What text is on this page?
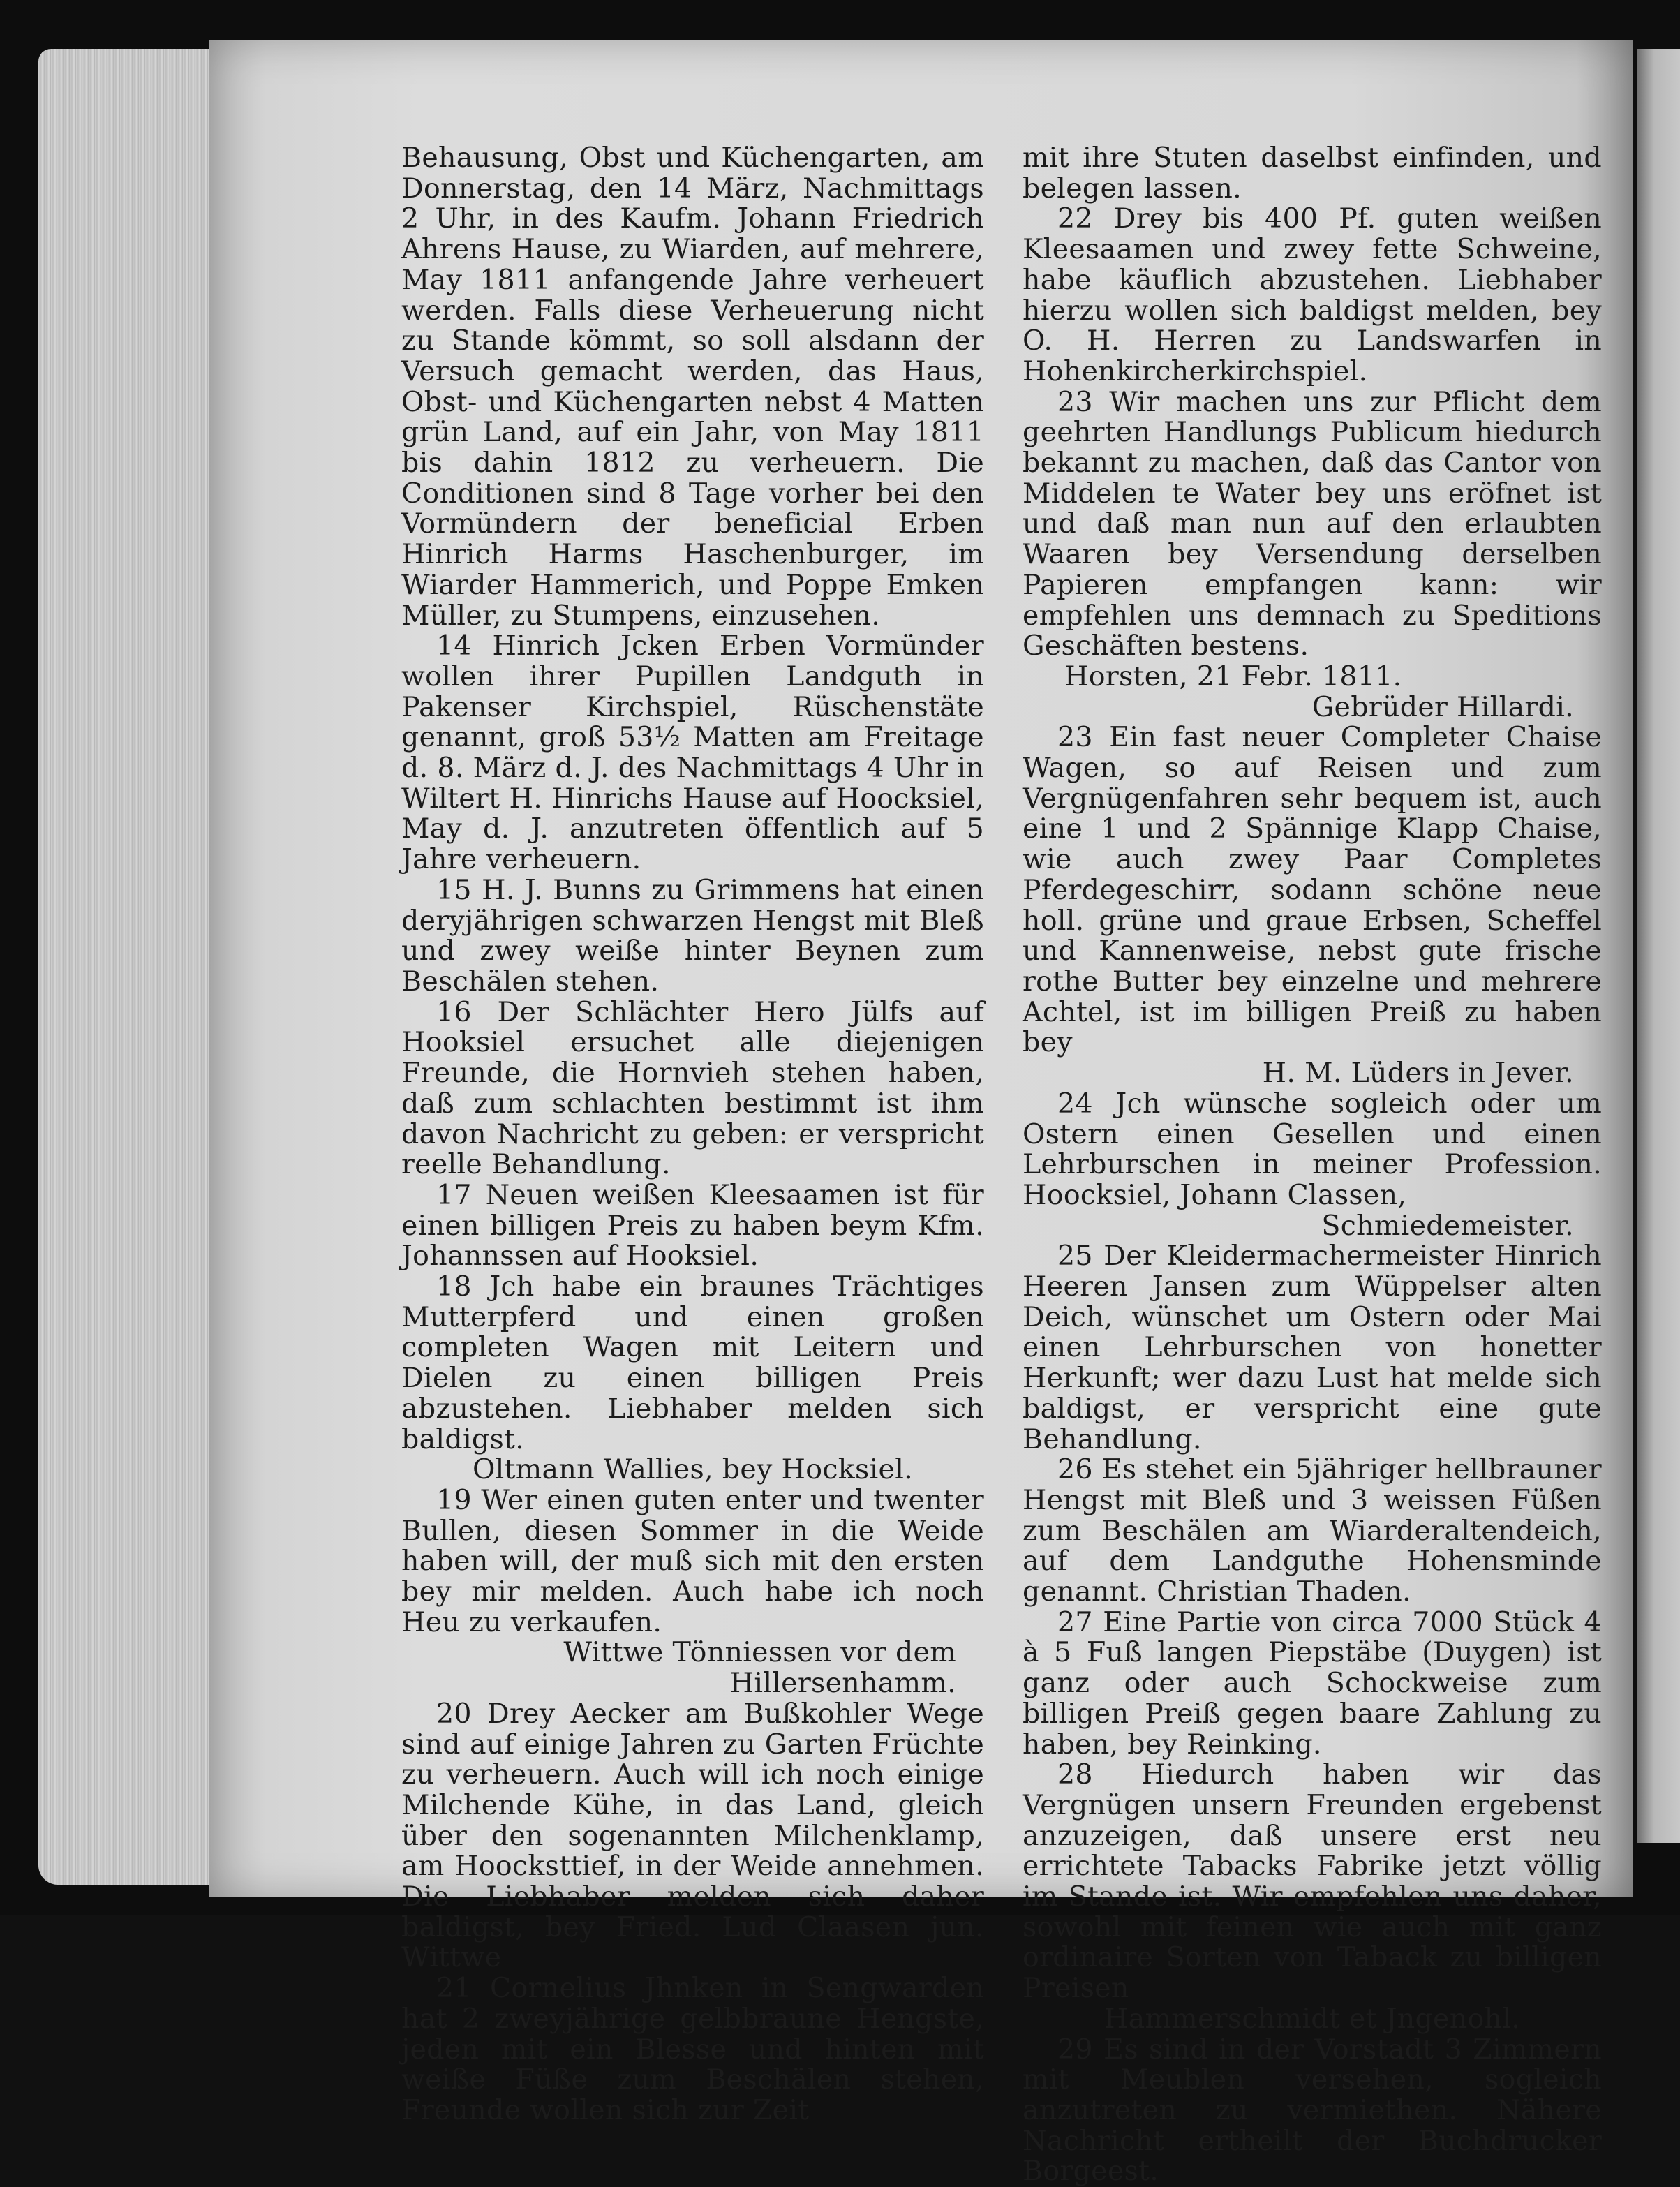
Behausung, Obst und Küchengarten, am Donnerstag, den 14 März, Nachmittags 2 Uhr, in des Kaufm. Johann Friedrich Ahrens Hause, zu Wiarden, auf mehrere, May 1811 anfangende Jahre verheuert werden. Falls diese Verheuerung nicht zu Stande kömmt, so soll alsdann der Versuch gemacht werden, das Haus, Obst- und Küchengarten nebst 4 Matten grün Land, auf ein Jahr, von May 1811 bis dahin 1812 zu verheuern. Die Conditionen sind 8 Tage vorher bei den Vormündern der beneficial Erben Hinrich Harms Haschenburger, im Wiarder Hammerich, und Poppe Emken Müller, zu Stumpens, einzusehen.

14 Hinrich Jcken Erben Vormünder wollen ihrer Pupillen Landguth in Pakenser Kirchspiel, Rüschenstäte genannt, groß 53½ Matten am Freitage d. 8. März d. J. des Nachmittags 4 Uhr in Wiltert H. Hinrichs Hause auf Hoocksiel, May d. J. anzutreten öffentlich auf 5 Jahre verheuern.

15 H. J. Bunns zu Grimmens hat einen deryjährigen schwarzen Hengst mit Bleß und zwey weiße hinter Beynen zum Beschälen stehen.

16 Der Schlächter Hero Jülfs auf Hooksiel ersuchet alle diejenigen Freunde, die Hornvieh stehen haben, daß zum schlachten bestimmt ist ihm davon Nachricht zu geben: er verspricht reelle Behandlung.

17 Neuen weißen Kleesaamen ist für einen billigen Preis zu haben beym Kfm. Johannssen auf Hooksiel.

18 Jch habe ein braunes Trächtiges Mutterpferd und einen großen completen Wagen mit Leitern und Dielen zu einen billigen Preis abzustehen. Liebhaber melden sich baldigst.

Oltmann Wallies, bey Hocksiel.

19 Wer einen guten enter und twenter Bullen, diesen Sommer in die Weide haben will, der muß sich mit den ersten bey mir melden. Auch habe ich noch Heu zu verkaufen.

Wittwe Tönniessen vor dem Hillersenhamm.

20 Drey Aecker am Bußkohler Wege sind auf einige Jahren zu Garten Früchte zu verheuern. Auch will ich noch einige Milchende Kühe, in das Land, gleich über den sogenannten Milchenklamp, am Hoocksttief, in der Weide annehmen. Die Liebhaber melden sich daher baldigst, bey Fried. Lud Claasen jun. Wittwe

21 Cornelius Jhnken in Sengwarden hat 2 zweyjährige gelbbraune Hengste, jeden mit ein Blesse und hinten mit weiße Füße zum Beschälen stehen, Freunde wollen sich zur Zeit

mit ihre Stuten daselbst einfinden, und belegen lassen.

22 Drey bis 400 Pf. guten weißen Kleesaamen und zwey fette Schweine, habe käuflich abzustehen. Liebhaber hierzu wollen sich baldigst melden, bey O. H. Herren zu Landswarfen in Hohenkircherkirchspiel.

23 Wir machen uns zur Pflicht dem geehrten Handlungs Publicum hiedurch bekannt zu machen, daß das Cantor von Middelen te Water bey uns eröfnet ist und daß man nun auf den erlaubten Waaren bey Versendung derselben Papieren empfangen kann: wir empfehlen uns demnach zu Speditions Geschäften bestens.

Horsten, 21 Febr. 1811.

Gebrüder Hillardi.

23 Ein fast neuer Completer Chaise Wagen, so auf Reisen und zum Vergnügenfahren sehr bequem ist, auch eine 1 und 2 Spännige Klapp Chaise, wie auch zwey Paar Completes Pferdegeschirr, sodann schöne neue holl. grüne und graue Erbsen, Scheffel und Kannenweise, nebst gute frische rothe Butter bey einzelne und mehrere Achtel, ist im billigen Preiß zu haben bey

H. M. Lüders in Jever.

24 Jch wünsche sogleich oder um Ostern einen Gesellen und einen Lehrburschen in meiner Profession. Hoocksiel, Johann Classen,

Schmiedemeister.

25 Der Kleidermachermeister Hinrich Heeren Jansen zum Wüppelser alten Deich, wünschet um Ostern oder Mai einen Lehrburschen von honetter Herkunft; wer dazu Lust hat melde sich baldigst, er verspricht eine gute Behandlung.

26 Es stehet ein 5jähriger hellbrauner Hengst mit Bleß und 3 weissen Füßen zum Beschälen am Wiarderaltendeich, auf dem Landguthe Hohensminde genannt. Christian Thaden.

27 Eine Partie von circa 7000 Stück 4 à 5 Fuß langen Piepstäbe (Duygen) ist ganz oder auch Schockweise zum billigen Preiß gegen baare Zahlung zu haben, bey Reinking.

28 Hiedurch haben wir das Vergnügen unsern Freunden ergebenst anzuzeigen, daß unsere erst neu errichtete Tabacks Fabrike jetzt völlig im Stande ist. Wir empfehlen uns daher, sowohl mit feinen wie auch mit ganz ordinaire Sorten von Taback zu billigen Preisen

Hammerschmidt et Jngenohl.

29 Es sind in der Vorstadt 3 Zimmern mit Meublen versehen, sogleich anzutreten zu vermiethen. Nähere Nachricht ertheilt der Buchdrucker Borgeest.
